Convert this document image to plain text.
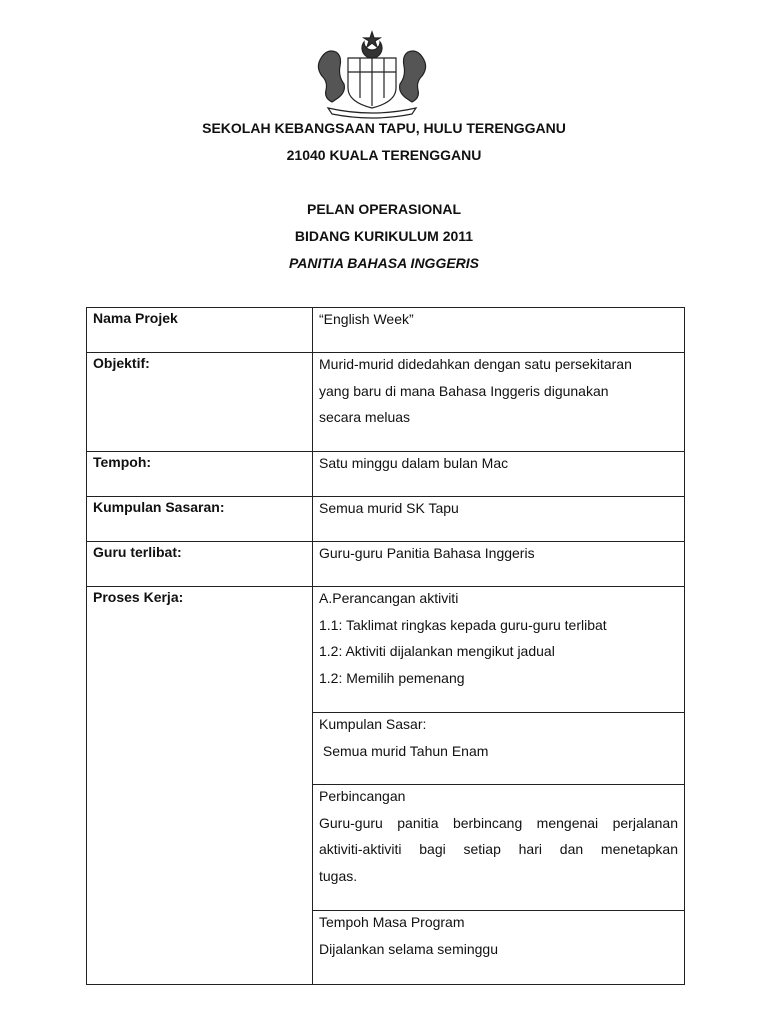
SEKOLAH KEBANGSAAN TAPU, HULU TERENGGANU
21040 KUALA TERENGGANU
PELAN OPERASIONAL
BIDANG KURIKULUM 2011
PANITIA BAHASA INGGERIS
Nama Projek	“English Week”

Objektif:	Murid-murid didedahkan dengan satu persekitaran
yang baru di mana Bahasa Inggeris digunakan
secara meluas

Tempoh:	Satu minggu dalam bulan Mac

Kumpulan Sasaran:	Semua murid SK Tapu

Guru terlibat:	Guru-guru Panitia Bahasa Inggeris

Proses Kerja:	A.Perancangan aktiviti
1.1: Taklimat ringkas kepada guru-guru terlibat
1.2: Aktiviti dijalankan mengikut jadual
1.2: Memilih pemenang

	Kumpulan Sasar:
Semua murid Tahun Enam

	Perbincangan
Guru-guru panitia berbincang mengenai perjalanan
aktiviti-aktiviti bagi setiap hari dan menetapkan
tugas.

	Tempoh Masa Program
Dijalankan selama seminggu
